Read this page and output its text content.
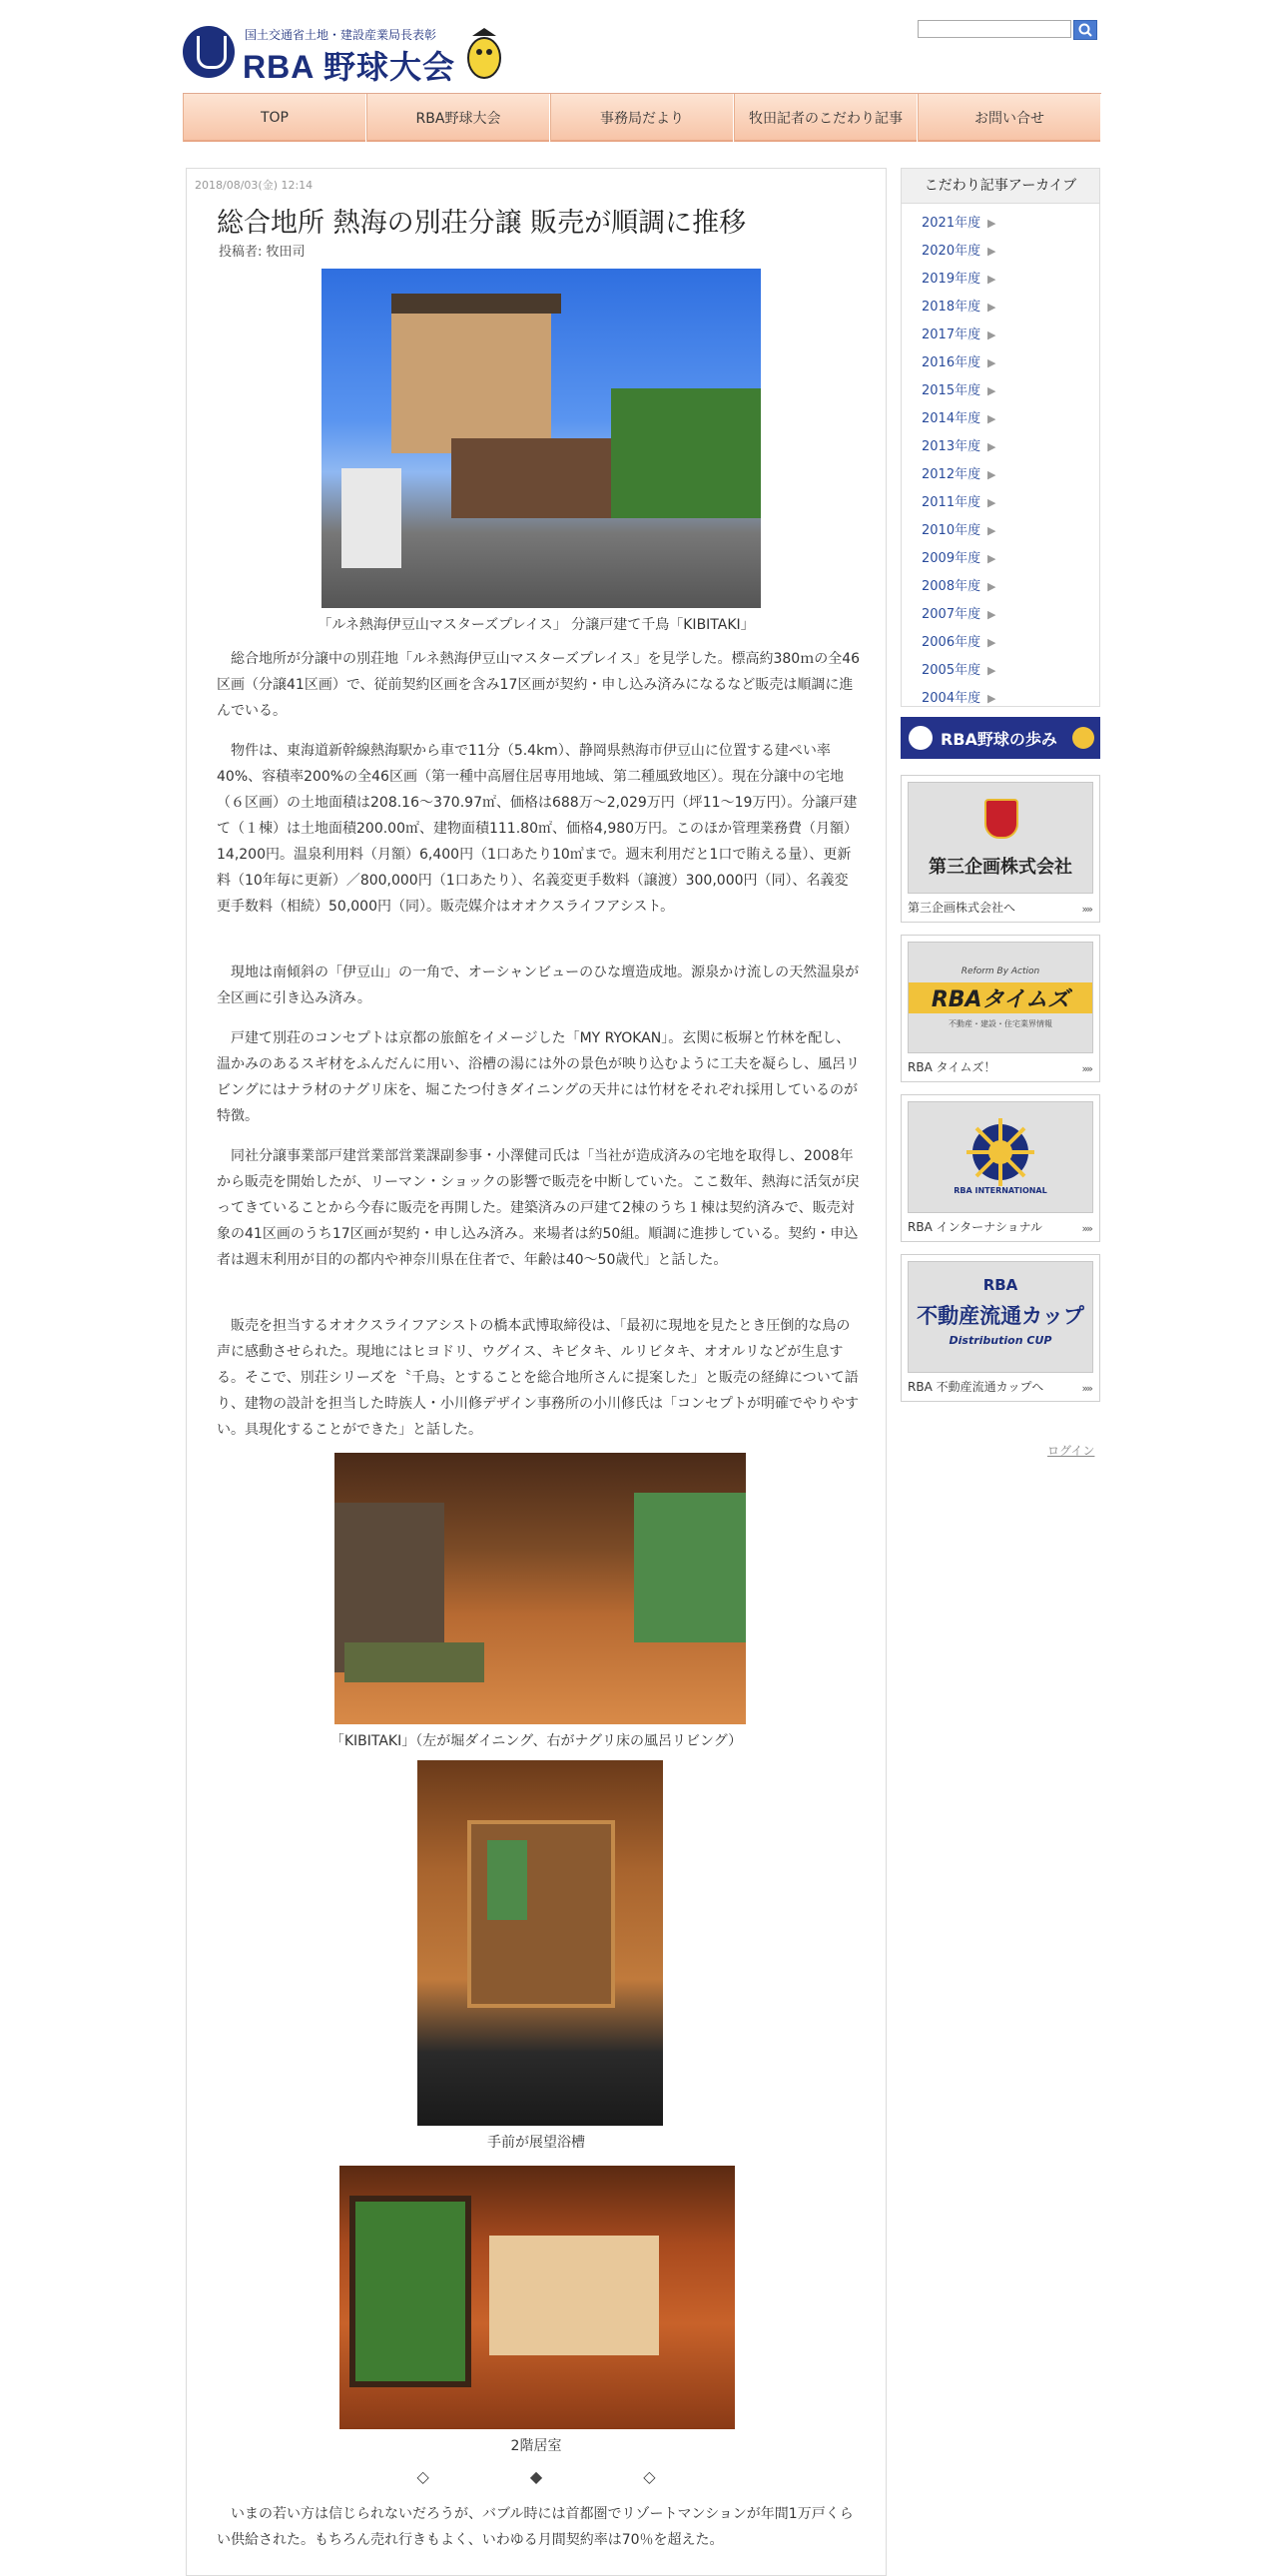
国土交通省土地・建設産業局長表彰
RBA 野球大会
TOP	RBA野球大会	事務局だより	牧田記者のこだわり記事	お問い合せ
2018/08/03(金) 12:14
総合地所 熱海の別荘分譲 販売が順調に推移
投稿者: 牧田司
「ルネ熱海伊豆山マスターズプレイス」 分譲戸建て千鳥「KIBITAKI」

総合地所が分譲中の別荘地「ルネ熱海伊豆山マスターズプレイス」を見学した。標高約380ｍの全46区画（分譲41区画）で、従前契約区画を含み17区画が契約・申し込み済みになるなど販売は順調に進んでいる。

物件は、東海道新幹線熱海駅から車で11分（5.4km）、静岡県熱海市伊豆山に位置する建ぺい率40%、容積率200%の全46区画（第一種中高層住居専用地域、第二種風致地区）。現在分譲中の宅地（６区画）の土地面積は208.16～370.97㎡、価格は688万～2,029万円（坪11～19万円）。分譲戸建て（１棟）は土地面積200.00㎡、建物面積111.80㎡、価格4,980万円。このほか管理業務費（月額）14,200円。温泉利用料（月額）6,400円（1口あたり10㎥まで。週末利用だと1口で賄える量）、更新料（10年毎に更新）／800,000円（1口あたり）、名義変更手数料（譲渡）300,000円（同）、名義変更手数料（相続）50,000円（同）。販売媒介はオオクスライフアシスト。

現地は南傾斜の「伊豆山」の一角で、オーシャンビューのひな壇造成地。源泉かけ流しの天然温泉が全区画に引き込み済み。

戸建て別荘のコンセプトは京都の旅館をイメージした「MY RYOKAN」。玄関に板塀と竹林を配し、温かみのあるスギ材をふんだんに用い、浴槽の湯には外の景色が映り込むように工夫を凝らし、風呂リビングにはナラ材のナグリ床を、堀こたつ付きダイニングの天井には竹材をそれぞれ採用しているのが特徴。

同社分譲事業部戸建営業部営業課副参事・小澤健司氏は「当社が造成済みの宅地を取得し、2008年から販売を開始したが、リーマン・ショックの影響で販売を中断していた。ここ数年、熱海に活気が戻ってきていることから今春に販売を再開した。建築済みの戸建て2棟のうち１棟は契約済みで、販売対象の41区画のうち17区画が契約・申し込み済み。来場者は約50組。順調に進捗している。契約・申込者は週末利用が目的の都内や神奈川県在住者で、年齢は40～50歳代」と話した。

販売を担当するオオクスライフアシストの橋本武博取締役は、「最初に現地を見たとき圧倒的な鳥の声に感動させられた。現地にはヒヨドリ、ウグイス、キビタキ、ルリビタキ、オオルリなどが生息する。そこで、別荘シリーズを〝千鳥〟とすることを総合地所さんに提案した」と販売の経緯について語り、建物の設計を担当した時族人・小川修デザイン事務所の小川修氏は「コンセプトが明確でやりやすい。具現化することができた」と話した。

「KIBITAKI」（左が堀ダイニング、右がナグリ床の風呂リビング）
手前が展望浴槽
2階居室
◇	◆	◇

いまの若い方は信じられないだろうが、バブル時には首都圏でリゾートマンションが年間1万戸くらい供給された。もちろん売れ行きもよく、いわゆる月間契約率は70％を超えた。

こだわり記事アーカイブ
2021年度 ▶
2020年度 ▶
2019年度 ▶
2018年度 ▶
2017年度 ▶
2016年度 ▶
2015年度 ▶
2014年度 ▶
2013年度 ▶
2012年度 ▶
2011年度 ▶
2010年度 ▶
2009年度 ▶
2008年度 ▶
2007年度 ▶
2006年度 ▶
2005年度 ▶
2004年度 ▶
RBA野球の歩み
第三企画株式会社
第三企画株式会社へ	»»
Reform By Action
RBAタイムズ
不動産・建設・住宅業界情報
RBA タイムズ！	»»
RBA INTERNATIONAL
RBA インターナショナル	»»
RBA
不動産流通カップ
Distribution CUP
RBA 不動産流通カップへ	»»
ログイン
